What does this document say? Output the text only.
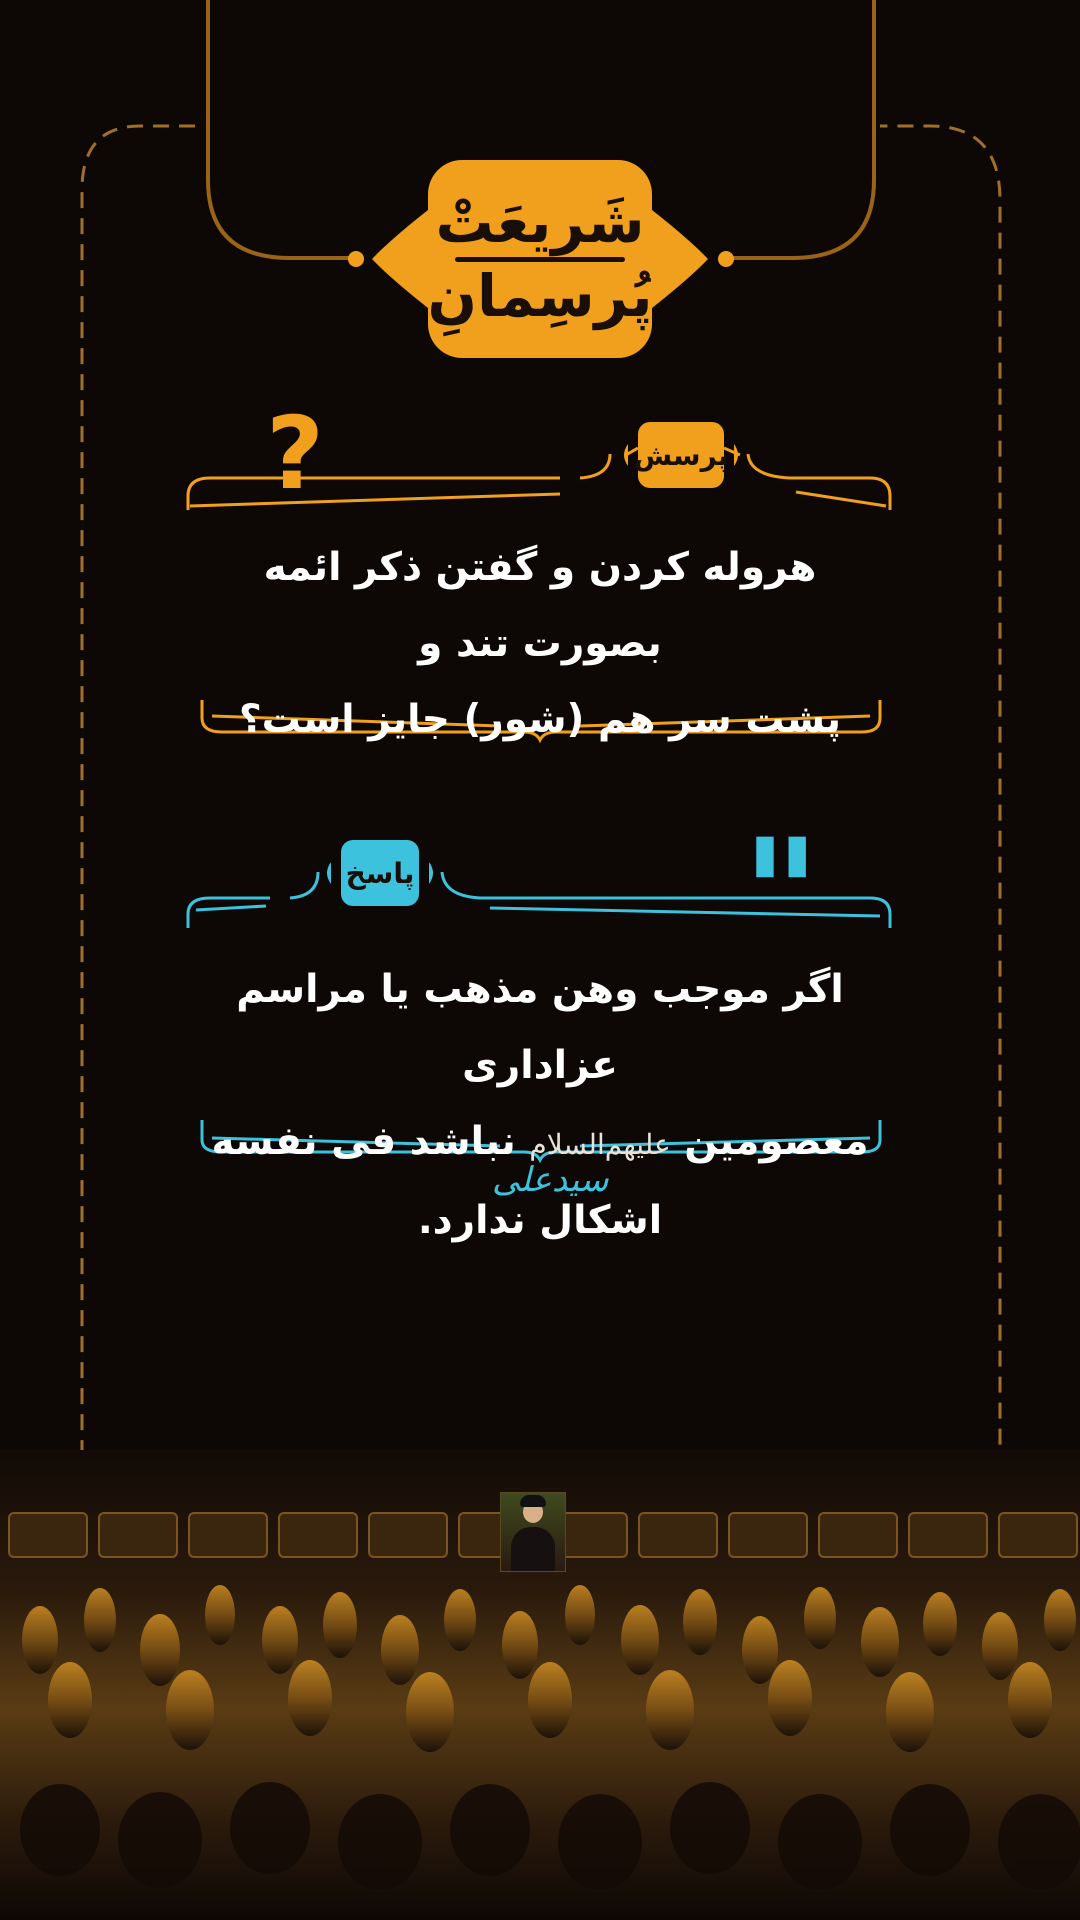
شَریعَتْ
پُرسِمانِ
?	پرسش
هروله کردن و گفتن ذکر ائمه بصورت تند و
پشت سر هم (شور) جایز است؟
پاسخ "
اگر موجب وهن مذهب یا مراسم عزاداری
معصومین علیهم‌السلام نباشد فی نفسه اشکال ندارد.
سیدعلی
